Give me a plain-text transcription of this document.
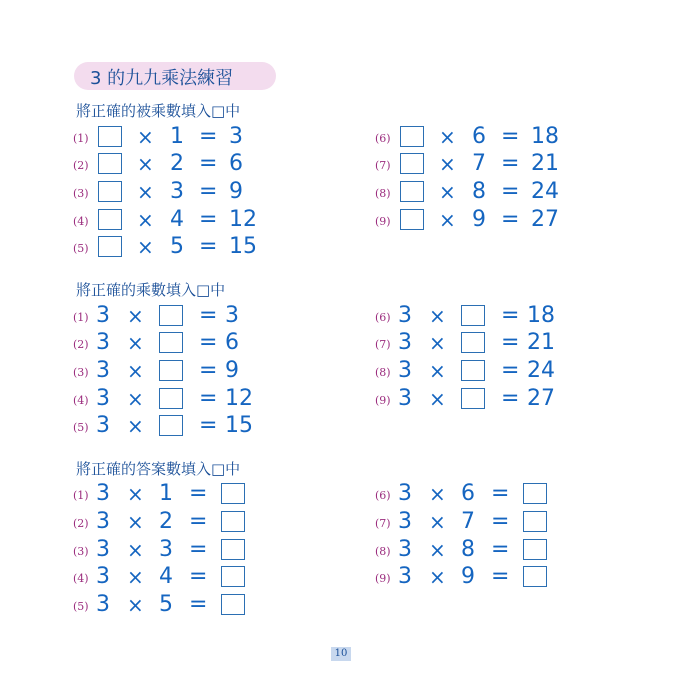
3 的九九乘法練習
將正確的被乘數填入□中
將正確的乘數填入□中
將正確的答案數填入□中
(1) × 1 = 3
(2) × 2 = 6
(3) × 3 = 9
(4) × 4 = 12
(5) × 5 = 15
(6) × 6 = 18
(7) × 7 = 21
(8) × 8 = 24
(9) × 9 = 27
(1) 3 ×	= 3
(2) 3 ×	= 6
(3) 3 ×	= 9
(4) 3 ×	= 12
(5) 3 ×	= 15
(6) 3 ×	= 18
(7) 3 ×	= 21
(8) 3 ×	= 24
(9) 3 ×	= 27
(1) 3 × 1 =
(2) 3 × 2 =
(3) 3 × 3 =
(4) 3 × 4 =
(5) 3 × 5 =
(6) 3 × 6 =
(7) 3 × 7 =
(8) 3 × 8 =
(9) 3 × 9 =
10
